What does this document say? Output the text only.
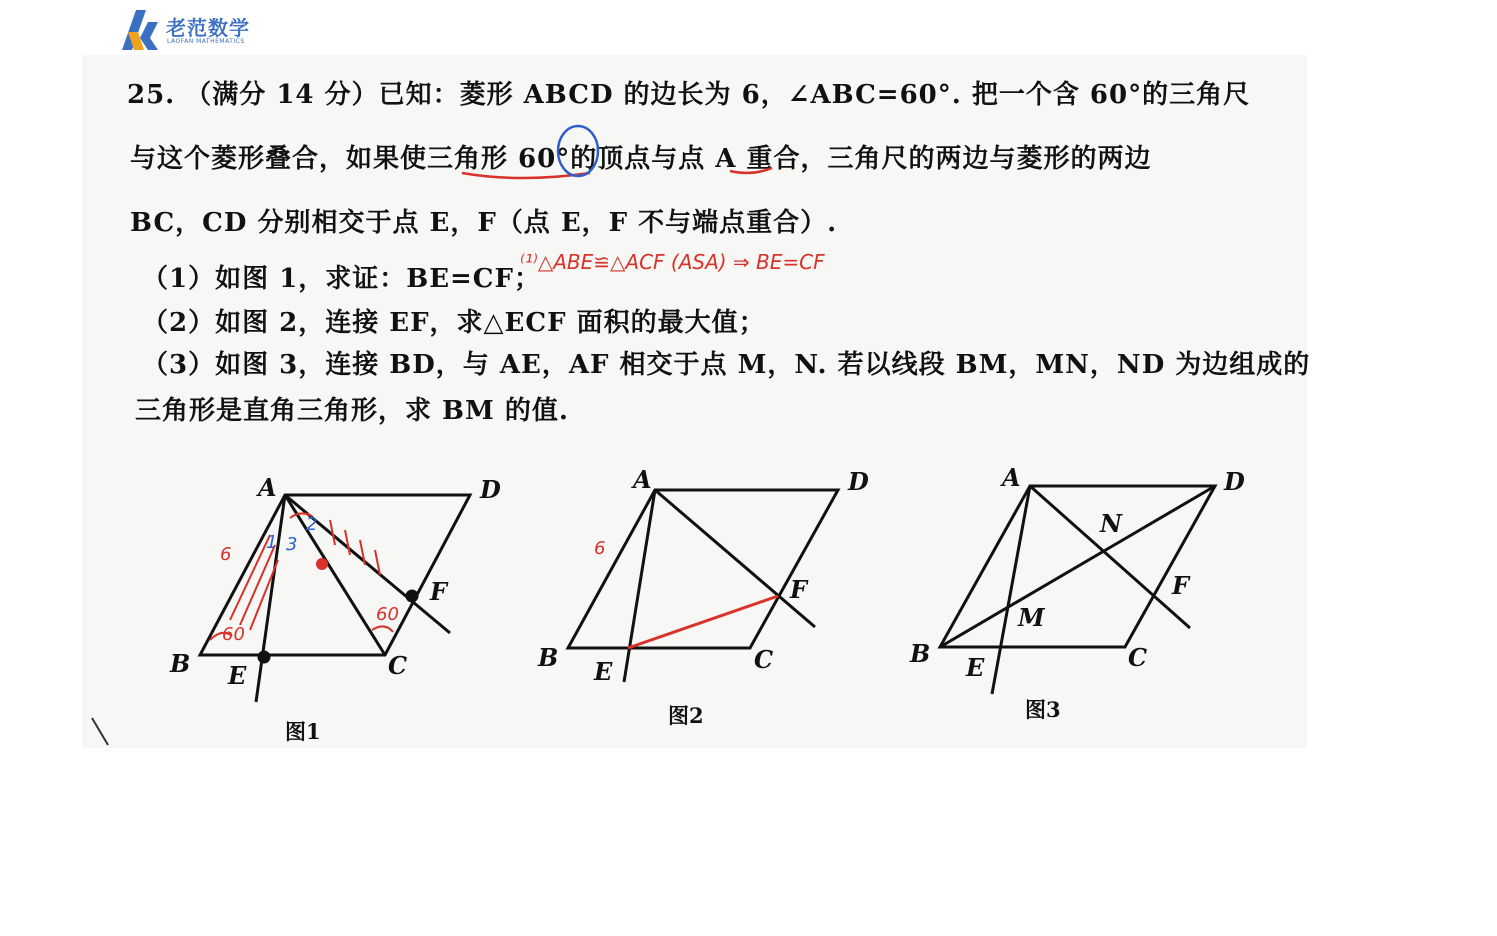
老范数学
LAOFAN MATHEMATICS
25. （满分 14 分）已知：菱形 ABCD 的边长为 6，∠ABC=60°. 把一个含 60°的三角尺
与这个菱形叠合，如果使三角形 60°的顶点与点 A 重合，三角尺的两边与菱形的两边
BC，CD 分别相交于点 E，F（点 E，F 不与端点重合）.
（1）如图 1，求证：BE=CF；
（2）如图 2，连接 EF，求△ECF 面积的最大值；
（3）如图 3，连接 BD，与 AE，AF 相交于点 M，N. 若以线段 BM，MN，ND 为边组成的
三角形是直角三角形，求 BM 的值.
⁽¹⁾△ABE≌△ACF (ASA) ⇒ BE=CF
A	D
F
B E	C
6
60
60
1 3
2
A	D
F
B E	C
6
A	D
N
F
M
B E	C
图1
图2	图3
